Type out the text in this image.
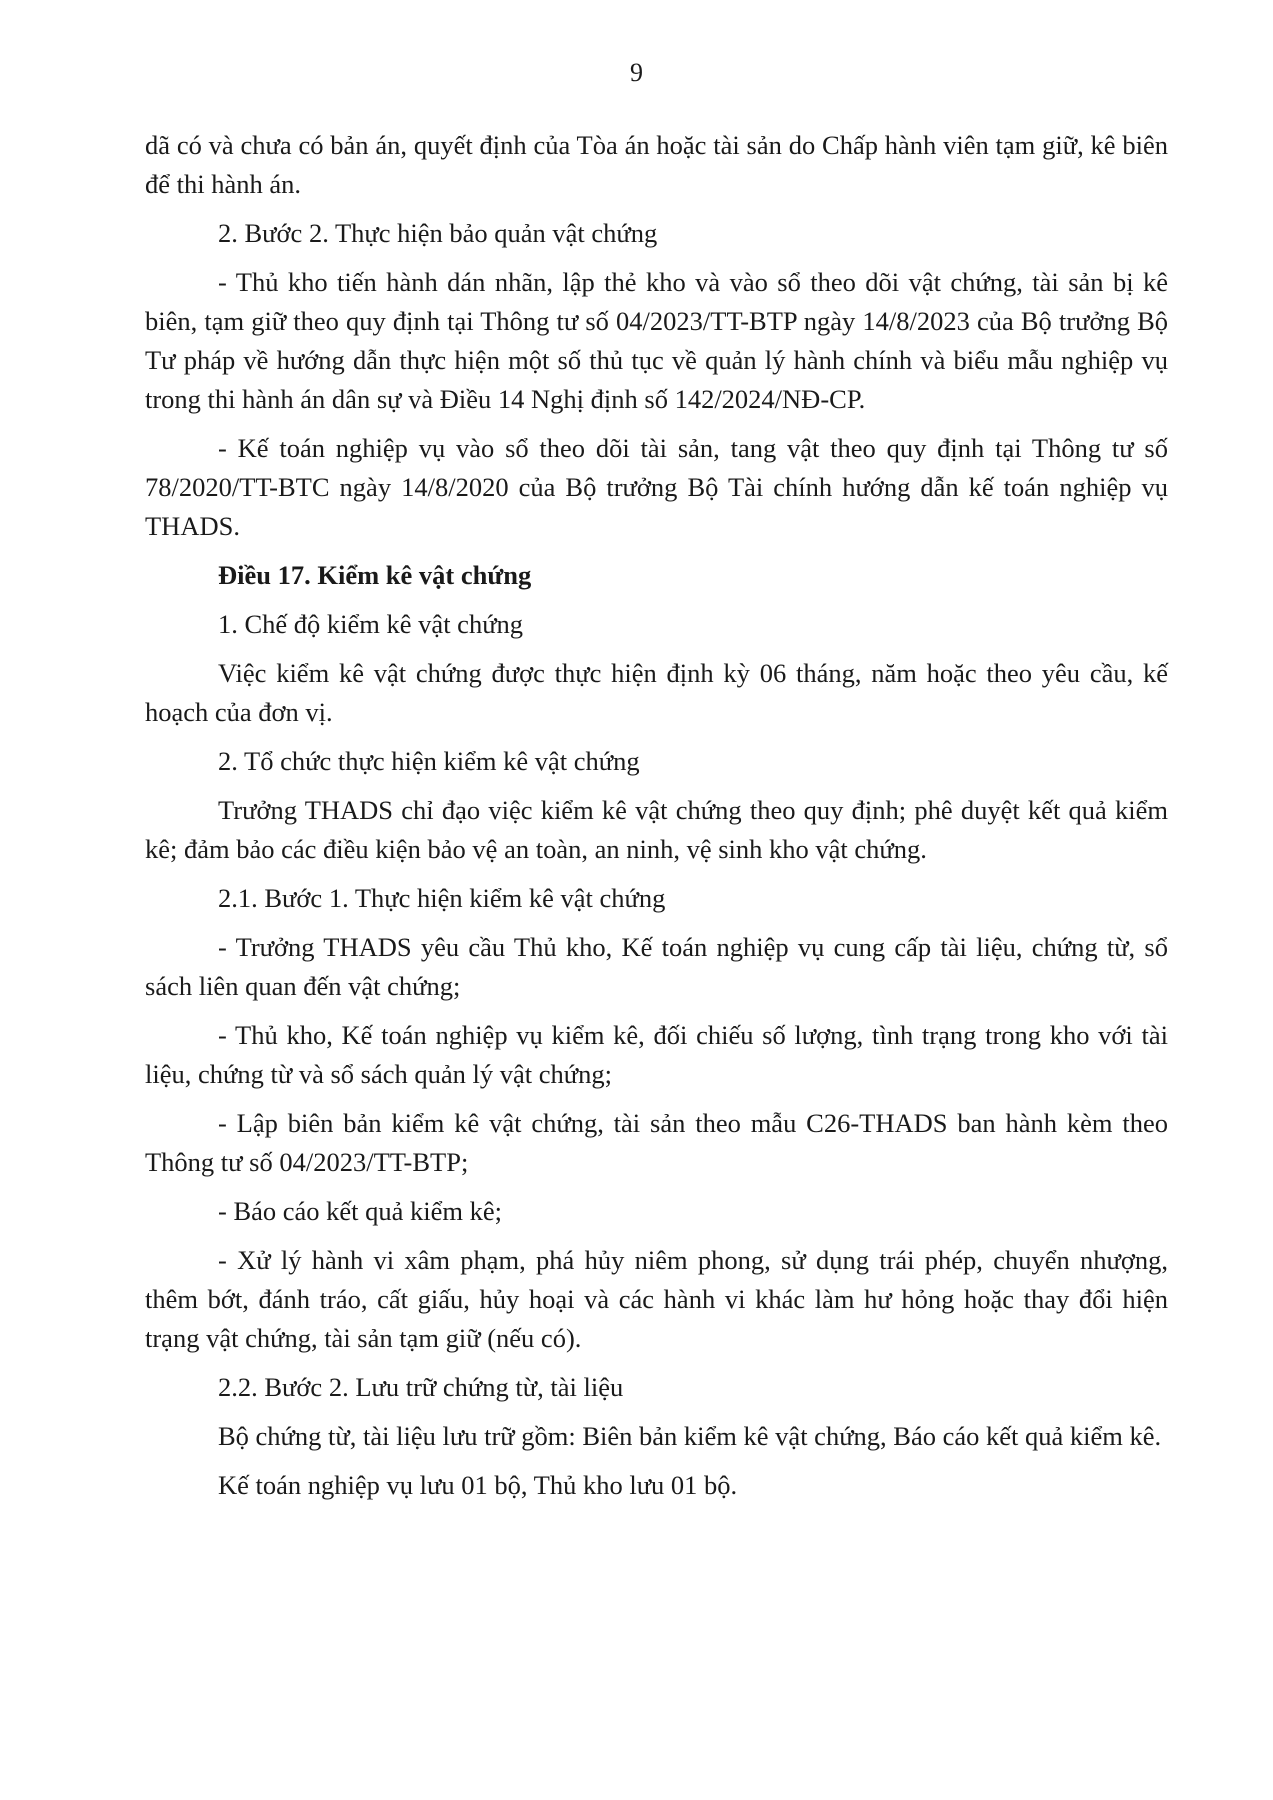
9

dã có và chưa có bản án, quyết định của Tòa án hoặc tài sản do Chấp hành viên tạm giữ, kê biên để thi hành án.

2. Bước 2. Thực hiện bảo quản vật chứng

- Thủ kho tiến hành dán nhãn, lập thẻ kho và vào sổ theo dõi vật chứng, tài sản bị kê biên, tạm giữ theo quy định tại Thông tư số 04/2023/TT-BTP ngày 14/8/2023 của Bộ trưởng Bộ Tư pháp về hướng dẫn thực hiện một số thủ tục về quản lý hành chính và biểu mẫu nghiệp vụ trong thi hành án dân sự và Điều 14 Nghị định số 142/2024/NĐ-CP.

- Kế toán nghiệp vụ vào sổ theo dõi tài sản, tang vật theo quy định tại Thông tư số 78/2020/TT-BTC ngày 14/8/2020 của Bộ trưởng Bộ Tài chính hướng dẫn kế toán nghiệp vụ THADS.

Điều 17. Kiểm kê vật chứng

1. Chế độ kiểm kê vật chứng

Việc kiểm kê vật chứng được thực hiện định kỳ 06 tháng, năm hoặc theo yêu cầu, kế hoạch của đơn vị.

2. Tổ chức thực hiện kiểm kê vật chứng

Trưởng THADS chỉ đạo việc kiểm kê vật chứng theo quy định; phê duyệt kết quả kiểm kê; đảm bảo các điều kiện bảo vệ an toàn, an ninh, vệ sinh kho vật chứng.

2.1. Bước 1. Thực hiện kiểm kê vật chứng

- Trưởng THADS yêu cầu Thủ kho, Kế toán nghiệp vụ cung cấp tài liệu, chứng từ, sổ sách liên quan đến vật chứng;

- Thủ kho, Kế toán nghiệp vụ kiểm kê, đối chiếu số lượng, tình trạng trong kho với tài liệu, chứng từ và sổ sách quản lý vật chứng;

- Lập biên bản kiểm kê vật chứng, tài sản theo mẫu C26-THADS ban hành kèm theo Thông tư số 04/2023/TT-BTP;

- Báo cáo kết quả kiểm kê;

- Xử lý hành vi xâm phạm, phá hủy niêm phong, sử dụng trái phép, chuyển nhượng, thêm bớt, đánh tráo, cất giấu, hủy hoại và các hành vi khác làm hư hỏng hoặc thay đổi hiện trạng vật chứng, tài sản tạm giữ (nếu có).

2.2. Bước 2. Lưu trữ chứng từ, tài liệu

Bộ chứng từ, tài liệu lưu trữ gồm: Biên bản kiểm kê vật chứng, Báo cáo kết quả kiểm kê.

Kế toán nghiệp vụ lưu 01 bộ, Thủ kho lưu 01 bộ.
